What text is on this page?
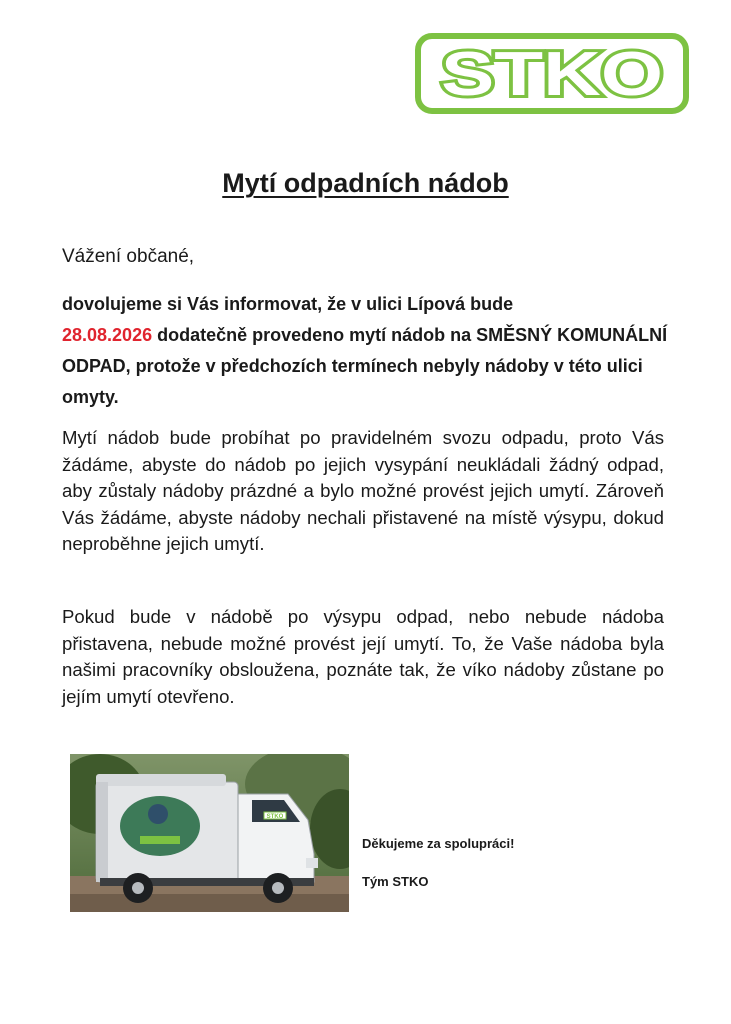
STKO
Mytí odpadních nádob
Vážení občané,
dovolujeme si Vás informovat, že v ulici Lípová bude
28.08.2026 dodatečně provedeno mytí nádob na SMĚSNÝ KOMUNÁLNÍ ODPAD, protože v předchozích termínech nebyly nádoby v této ulici omyty.
Mytí nádob bude probíhat po pravidelném svozu odpadu, proto Vás žádáme, abyste do nádob po jejich vysypání neukládali žádný odpad, aby zůstaly nádoby prázdné a bylo možné provést jejich umytí. Zároveň Vás žádáme, abyste nádoby nechali přistavené na místě výsypu, dokud neproběhne jejich umytí.
Pokud bude v nádobě po výsypu odpad, nebo nebude nádoba přistavena, nebude možné provést její umytí. To, že Vaše nádoba byla našimi pracovníky obsloužena, poznáte tak, že víko nádoby zůstane po jejím umytí otevřeno.
STKO
Děkujeme za spolupráci!
Tým STKO
